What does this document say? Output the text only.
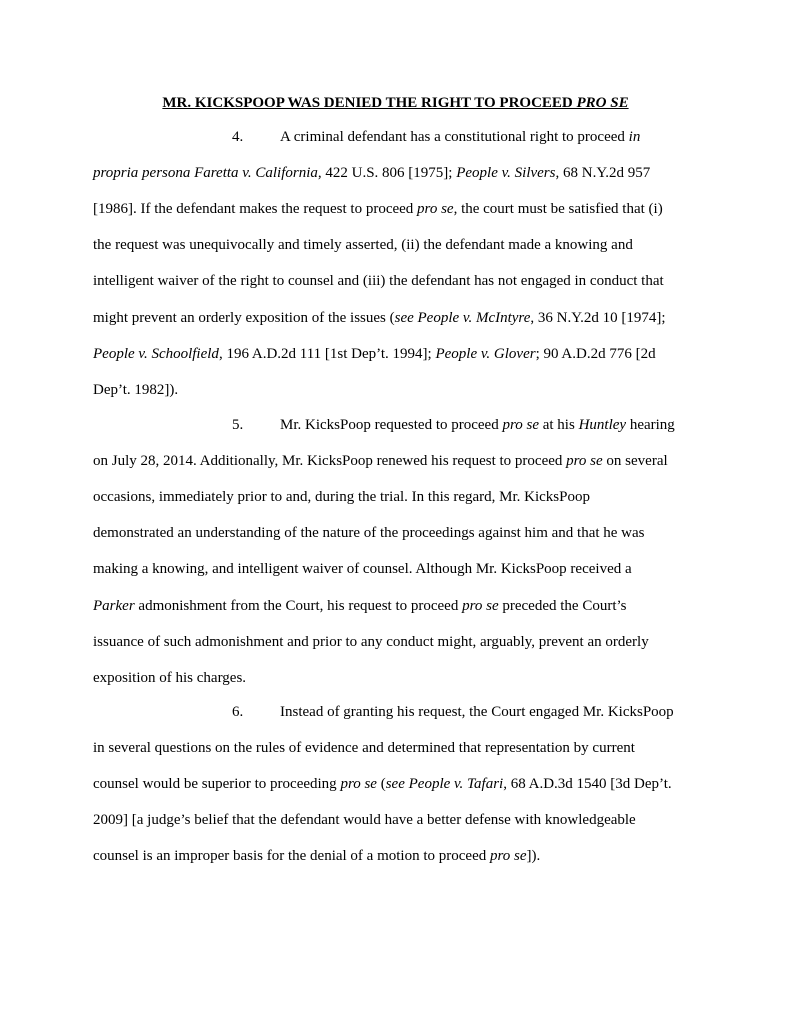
MR. KICKSPOOP WAS DENIED THE RIGHT TO PROCEED PRO SE
4. A criminal defendant has a constitutional right to proceed in
propria persona Faretta v. California, 422 U.S. 806 [1975]; People v. Silvers, 68 N.Y.2d 957
[1986]. If the defendant makes the request to proceed pro se, the court must be satisfied that (i)
the request was unequivocally and timely asserted, (ii) the defendant made a knowing and
intelligent waiver of the right to counsel and (iii) the defendant has not engaged in conduct that
might prevent an orderly exposition of the issues (see People v. McIntyre, 36 N.Y.2d 10 [1974];
People v. Schoolfield, 196 A.D.2d 111 [1st Dep’t. 1994]; People v. Glover; 90 A.D.2d 776 [2d
Dep’t. 1982]).
5. Mr. KicksPoop requested to proceed pro se at his Huntley hearing
on July 28, 2014. Additionally, Mr. KicksPoop renewed his request to proceed pro se on several
occasions, immediately prior to and, during the trial. In this regard, Mr. KicksPoop
demonstrated an understanding of the nature of the proceedings against him and that he was
making a knowing, and intelligent waiver of counsel. Although Mr. KicksPoop received a
Parker admonishment from the Court, his request to proceed pro se preceded the Court’s
issuance of such admonishment and prior to any conduct might, arguably, prevent an orderly
exposition of his charges.
6. Instead of granting his request, the Court engaged Mr. KicksPoop
in several questions on the rules of evidence and determined that representation by current
counsel would be superior to proceeding pro se (see People v. Tafari, 68 A.D.3d 1540 [3d Dep’t.
2009] [a judge’s belief that the defendant would have a better defense with knowledgeable
counsel is an improper basis for the denial of a motion to proceed pro se]).
